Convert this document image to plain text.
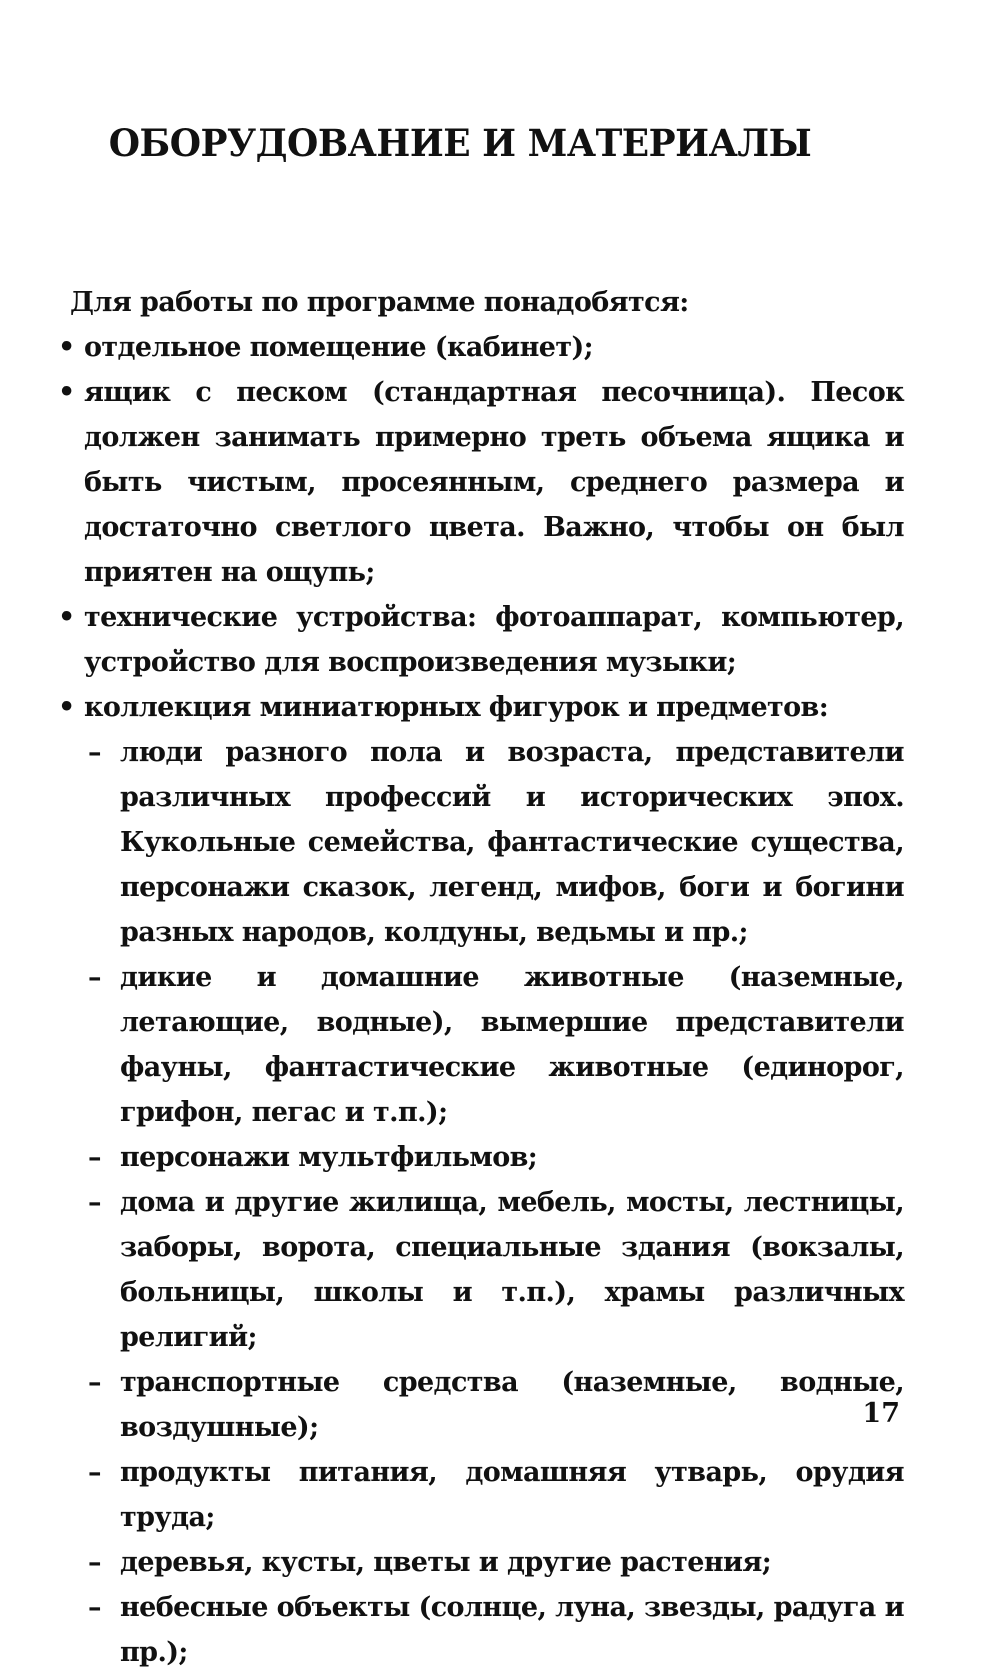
ОБОРУДОВАНИЕ И МАТЕРИАЛЫ

Для работы по программе понадобятся:

• отдельное помещение (кабинет);
• ящик с песком (стандартная песочница). Песок должен занимать примерно треть объема ящика и быть чистым, просеянным, среднего размера и достаточно светлого цвета. Важно, чтобы он был приятен на ощупь;
• технические устройства: фотоаппарат, компьютер, устройство для воспроизведения музыки;
• коллекция миниатюрных фигурок и предметов:
– люди разного пола и возраста, представители различных профессий и исторических эпох. Кукольные семейства, фантастические существа, персонажи сказок, легенд, мифов, боги и богини разных народов, колдуны, ведьмы и пр.;
– дикие и домашние животные (наземные, летающие, водные), вымершие представители фауны, фантастические животные (единорог, грифон, пегас и т.п.);
– персонажи мультфильмов;
– дома и другие жилища, мебель, мосты, лестницы, заборы, ворота, специальные здания (вокзалы, больницы, школы и т.п.), храмы различных религий;
– транспортные средства (наземные, водные, воздушные);
– продукты питания, домашняя утварь, орудия труда;
– деревья, кусты, цветы и другие растения;
– небесные объекты (солнце, луна, звезды, радуга и пр.);
17
